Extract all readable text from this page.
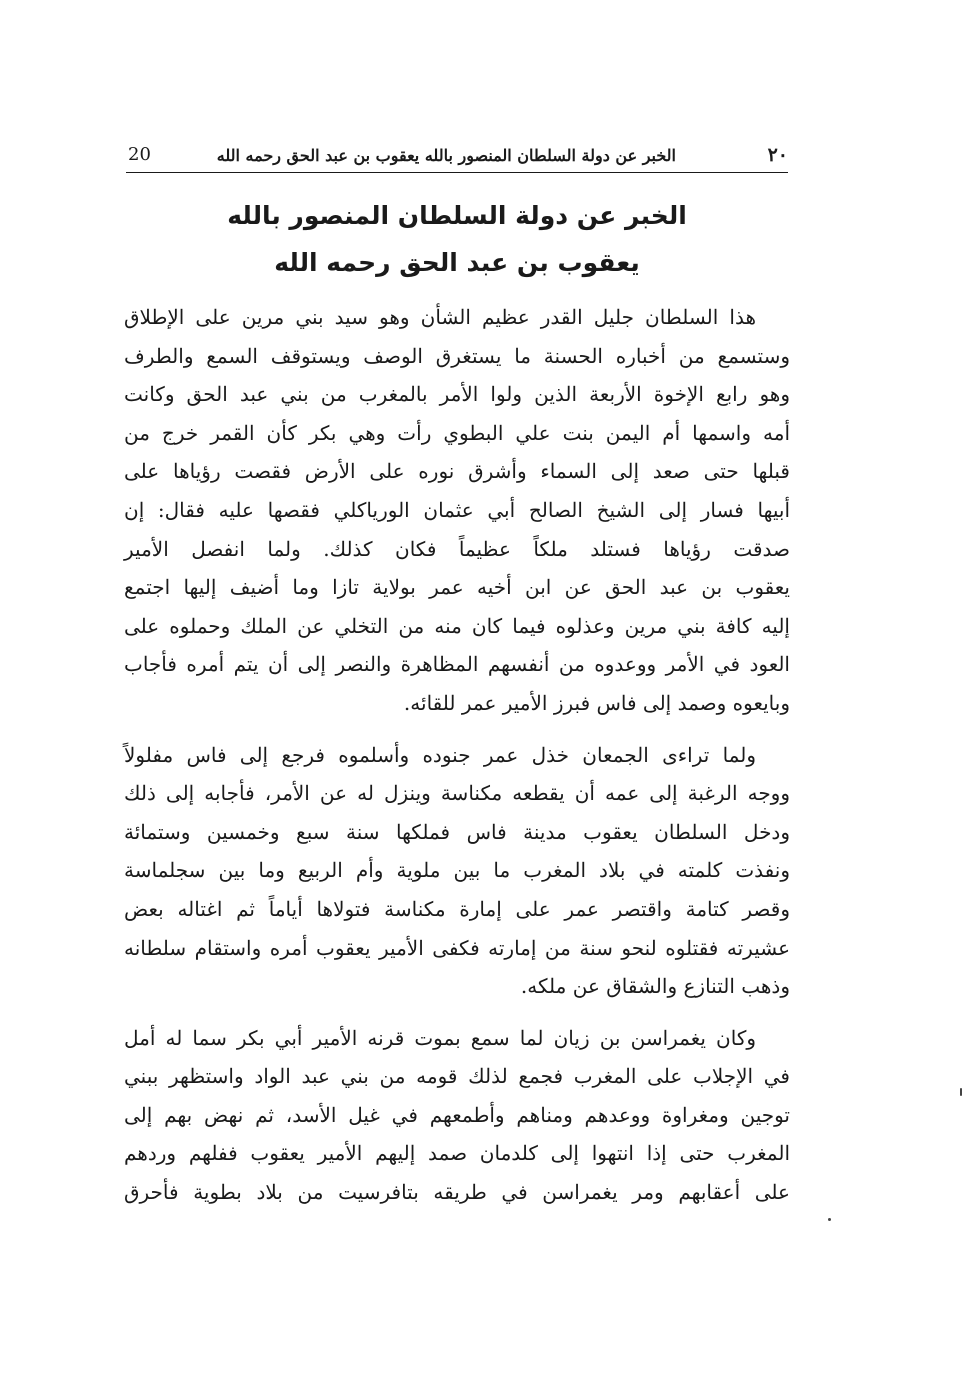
٢٠
الخبر عن دولة السلطان المنصور بالله يعقوب بن عبد الحق رحمه الله
20
الخبر عن دولة السلطان المنصور بالله
يعقوب بن عبد الحق رحمه الله

هذا السلطان جليل القدر عظيم الشأن وهو سيد بني مرين على الإطلاق
وستسمع من أخباره الحسنة ما يستغرق الوصف ويستوقف السمع والطرف
وهو رابع الإخوة الأربعة الذين ولوا الأمر بالمغرب من بني عبد الحق وكانت
أمه واسمها أم اليمن بنت علي البطوي رأت وهي بكر كأن القمر خرج من
قبلها حتى صعد إلى السماء وأشرق نوره على الأرض فقصت رؤياها على
أبيها فسار إلى الشيخ الصالح أبي عثمان الورياكلي فقصها عليه فقال: إن
صدقت رؤياها فستلد ملكاً عظيماً فكان كذلك. ولما انفصل الأمير
يعقوب بن عبد الحق عن ابن أخيه عمر بولاية تازا وما أضيف إليها اجتمع
إليه كافة بني مرين وعذلوه فيما كان منه من التخلي عن الملك وحملوه على
العود في الأمر ووعدوه من أنفسهم المظاهرة والنصر إلى أن يتم أمره فأجاب
وبايعوه وصمد إلى فاس فبرز الأمير عمر للقائه.

ولما تراءى الجمعان خذل عمر جنوده وأسلموه فرجع إلى فاس مفلولاً
ووجه الرغبة إلى عمه أن يقطعه مكناسة وينزل له عن الأمر، فأجابه إلى ذلك
ودخل السلطان يعقوب مدينة فاس فملكها سنة سبع وخمسين وستمائة
ونفذت كلمته في بلاد المغرب ما بين ملوية وأم الربيع وما بين سجلماسة
وقصر كتامة واقتصر عمر على إمارة مكناسة فتولاها أياماً ثم اغتاله بعض
عشيرته فقتلوه لنحو سنة من إمارته فكفى الأمير يعقوب أمره واستقام سلطانه
وذهب التنازع والشقاق عن ملكه.

وكان يغمراسن بن زيان لما سمع بموت قرنه الأمير أبي بكر سما له أمل
في الإجلاب على المغرب فجمع لذلك قومه من بني عبد الواد واستظهر ببني
توجين ومغراوة ووعدهم ومناهم وأطمعهم في غيل الأسد، ثم نهض بهم إلى
المغرب حتى إذا انتهوا إلى كلدمان صمد إليهم الأمير يعقوب ففلهم وردهم
على أعقابهم ومر يغمراسن في طريقه بتافرسيت من بلاد بطوية فأحرق
